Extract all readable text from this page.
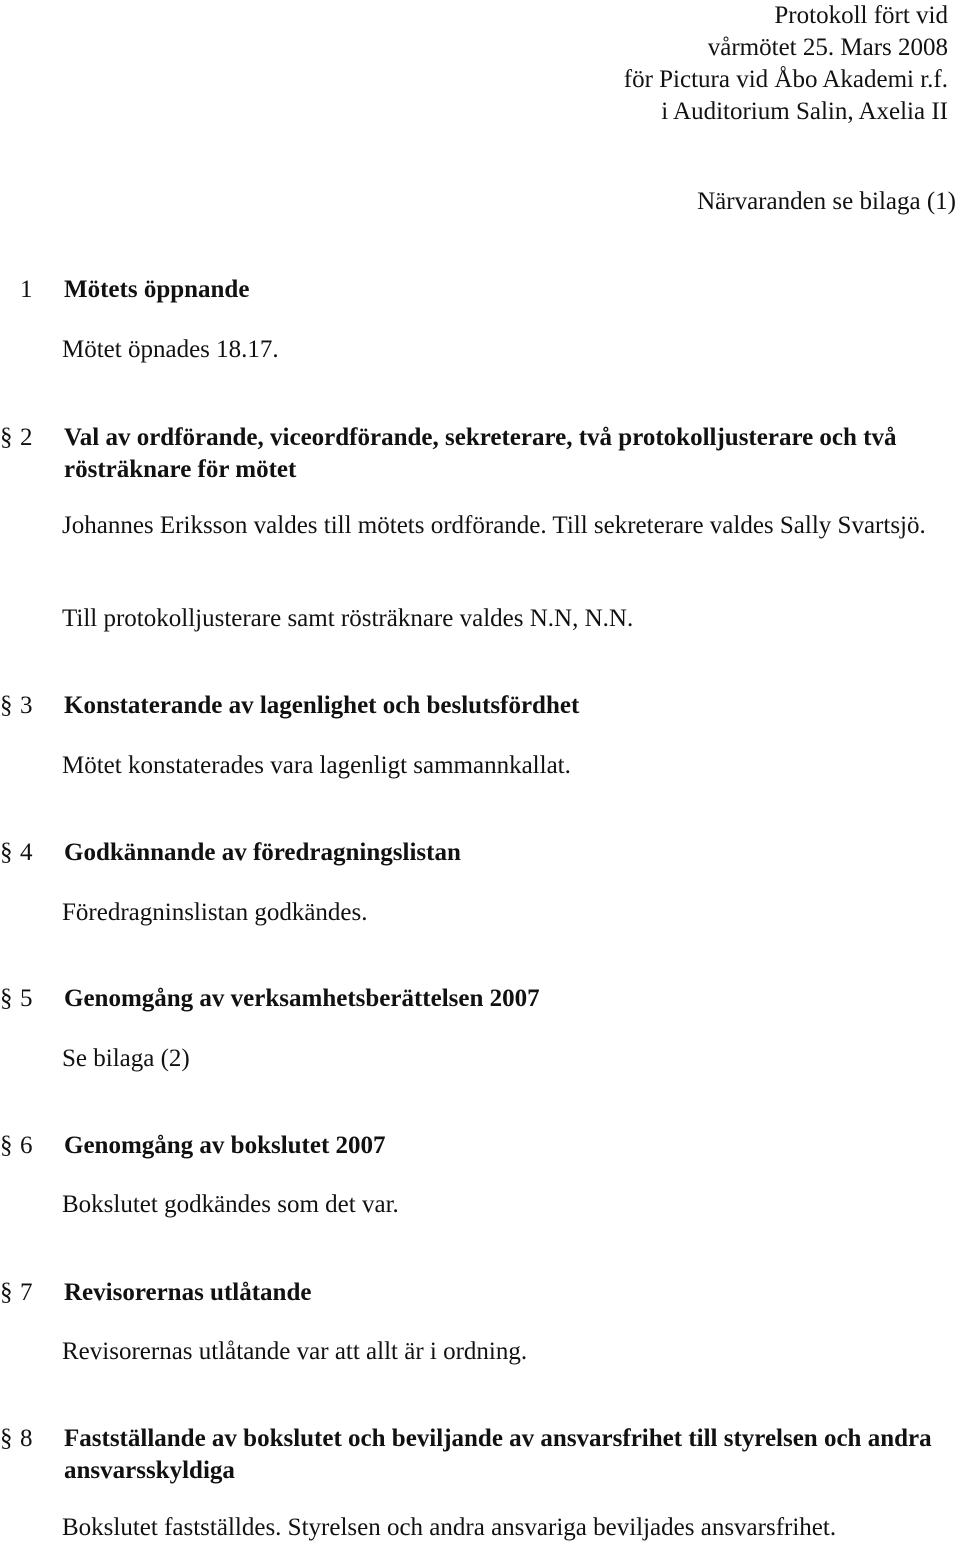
Protokoll fört vid
vårmötet 25. Mars 2008
för Pictura vid Åbo Akademi r.f.
i Auditorium Salin, Axelia II
Närvaranden se bilaga (1)
1 Mötets öppnande
Mötet öpnades 18.17.
§ 2 Val av ordförande, viceordförande, sekreterare, två protokolljusterare och två rösträknare för mötet
Johannes Eriksson valdes till mötets ordförande. Till sekreterare valdes Sally Svartsjö.
Till protokolljusterare samt rösträknare valdes N.N, N.N.
§ 3 Konstaterande av lagenlighet och beslutsfördhet
Mötet konstaterades vara lagenligt sammannkallat.
§ 4 Godkännande av föredragningslistan
Föredragninslistan godkändes.
§ 5 Genomgång av verksamhetsberättelsen 2007
Se bilaga (2)
§ 6 Genomgång av bokslutet 2007
Bokslutet godkändes som det var.
§ 7 Revisorernas utlåtande
Revisorernas utlåtande var att allt är i ordning.
§ 8 Fastställande av bokslutet och beviljande av ansvarsfrihet till styrelsen och andra ansvarsskyldiga
Bokslutet fastställdes. Styrelsen och andra ansvariga beviljades ansvarsfrihet.
